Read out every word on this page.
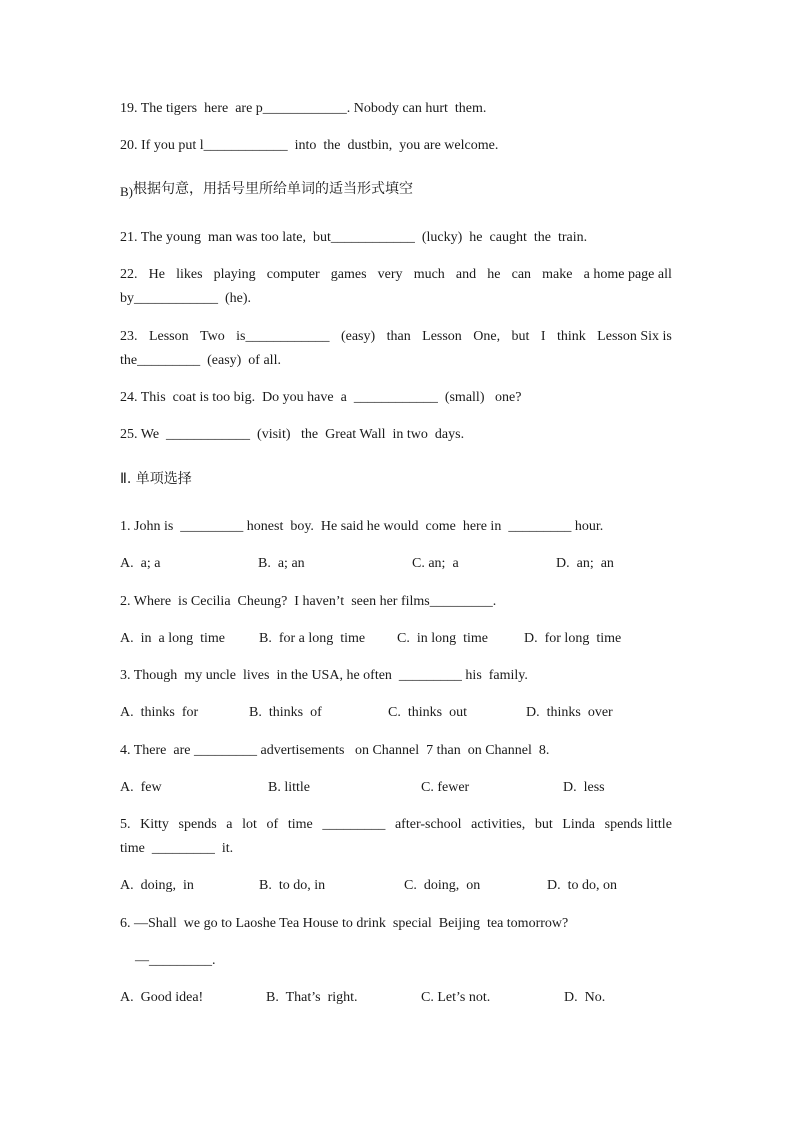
19. The tigers  here  are p____________. Nobody can hurt  them.
20. If you put l____________  into  the  dustbin,  you are welcome.
B)根据句意，用括号里所给单词的适当形式填空
21. The young  man was too late,  but____________  (lucky)  he  caught  the  train.
22. He likes playing computer games very much and he can make a home page all
by____________  (he).
23. Lesson Two is____________ (easy) than Lesson One, but I think Lesson Six is
the_________  (easy)  of all.
24. This  coat is too big.  Do you have  a  ____________  (small)   one?
25. We  ____________  (visit)   the  Great Wall  in two  days.
Ⅱ. 单项选择
1. John is  _________ honest  boy.  He said he would  come  here in  _________ hour.
A.  a; a	B.  a; an	C. an;  a	D.  an;  an
2. Where  is Cecilia  Cheung?  I haven’t  seen her films_________.
A.  in  a long  time B.  for a long  time C.  in long  time	D.  for long  time
3. Though  my uncle  lives  in the USA, he often  _________ his  family.
A.  thinks  for	B.  thinks  of	C.  thinks  out	D.  thinks  over
4. There  are _________ advertisements   on Channel  7 than  on Channel  8.
A.  few	B. little	C. fewer	D.  less
5. Kitty spends a lot of time _________ after-school activities, but Linda spends little
time  _________  it.
A.  doing,  in	B.  to do, in	C.  doing,  on	D.  to do, on
6. —Shall  we go to Laoshe Tea House to drink  special  Beijing  tea tomorrow?
—_________.
A.  Good idea!	B.  That’s  right.	C. Let’s not.	D.  No.
